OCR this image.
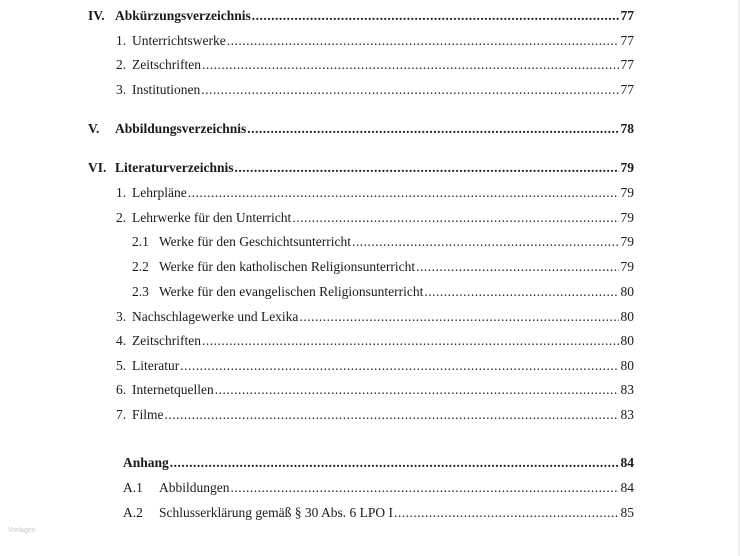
IV. Abkürzungsverzeichnis .....	77
1. Unterrichtswerke .....	77
2. Zeitschriften .....	77
3. Institutionen .....	77
V.	Abbildungsverzeichnis .....	78
VI. Literaturverzeichnis .....	79
1. Lehrpläne .....	79
2. Lehrwerke für den Unterricht .....	79
2.1 Werke für den Geschichtsunterricht .....	79
2.2 Werke für den katholischen Religionsunterricht .....	79
2.3 Werke für den evangelischen Religionsunterricht .....	80
3. Nachschlagewerke und Lexika .....	80
4. Zeitschriften .....	80
5. Literatur .....	80
6. Internetquellen .....	83
7. Filme .....	83
Anhang .....	84
A.1	Abbildungen .....	84
A.2	Schlusserklärung gemäß § 30 Abs. 6 LPO I .....	85
Vorlagen
